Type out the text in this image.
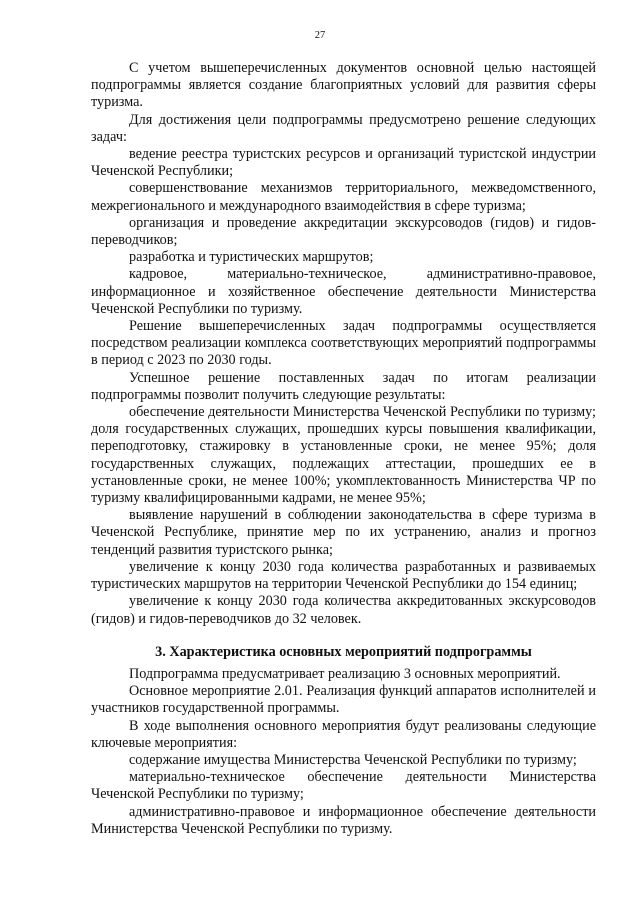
27

С учетом вышеперечисленных документов основной целью настоящей подпрограммы является создание благоприятных условий для развития сферы туризма.

Для достижения цели подпрограммы предусмотрено решение следующих задач:

ведение реестра туристских ресурсов и организаций туристской индустрии Чеченской Республики;

совершенствование механизмов территориального, межведомственного, межрегионального и международного взаимодействия в сфере туризма;

организация и проведение аккредитации экскурсоводов (гидов) и гидов-переводчиков;

разработка и туристических маршрутов;

кадровое, материально-техническое, административно-правовое, информационное и хозяйственное обеспечение деятельности Министерства Чеченской Республики по туризму.

Решение вышеперечисленных задач подпрограммы осуществляется посредством реализации комплекса соответствующих мероприятий подпрограммы в период с 2023 по 2030 годы.

Успешное решение поставленных задач по итогам реализации подпрограммы позволит получить следующие результаты:

обеспечение деятельности Министерства Чеченской Республики по туризму; доля государственных служащих, прошедших курсы повышения квалификации, переподготовку, стажировку в установленные сроки, не менее 95%; доля государственных служащих, подлежащих аттестации, прошедших ее в установленные сроки, не менее 100%; укомплектованность Министерства ЧР по туризму квалифицированными кадрами, не менее 95%;

выявление нарушений в соблюдении законодательства в сфере туризма в Чеченской Республике, принятие мер по их устранению, анализ и прогноз тенденций развития туристского рынка;

увеличение к концу 2030 года количества разработанных и развиваемых туристических маршрутов на территории Чеченской Республики до 154 единиц;

увеличение к концу 2030 года количества аккредитованных экскурсоводов (гидов) и гидов-переводчиков до 32 человек.

3. Характеристика основных мероприятий подпрограммы

Подпрограмма предусматривает реализацию 3 основных мероприятий.

Основное мероприятие 2.01. Реализация функций аппаратов исполнителей и участников государственной программы.

В ходе выполнения основного мероприятия будут реализованы следующие ключевые мероприятия:

содержание имущества Министерства Чеченской Республики по туризму;

материально-техническое обеспечение деятельности Министерства Чеченской Республики по туризму;

административно-правовое и информационное обеспечение деятельности Министерства Чеченской Республики по туризму.
